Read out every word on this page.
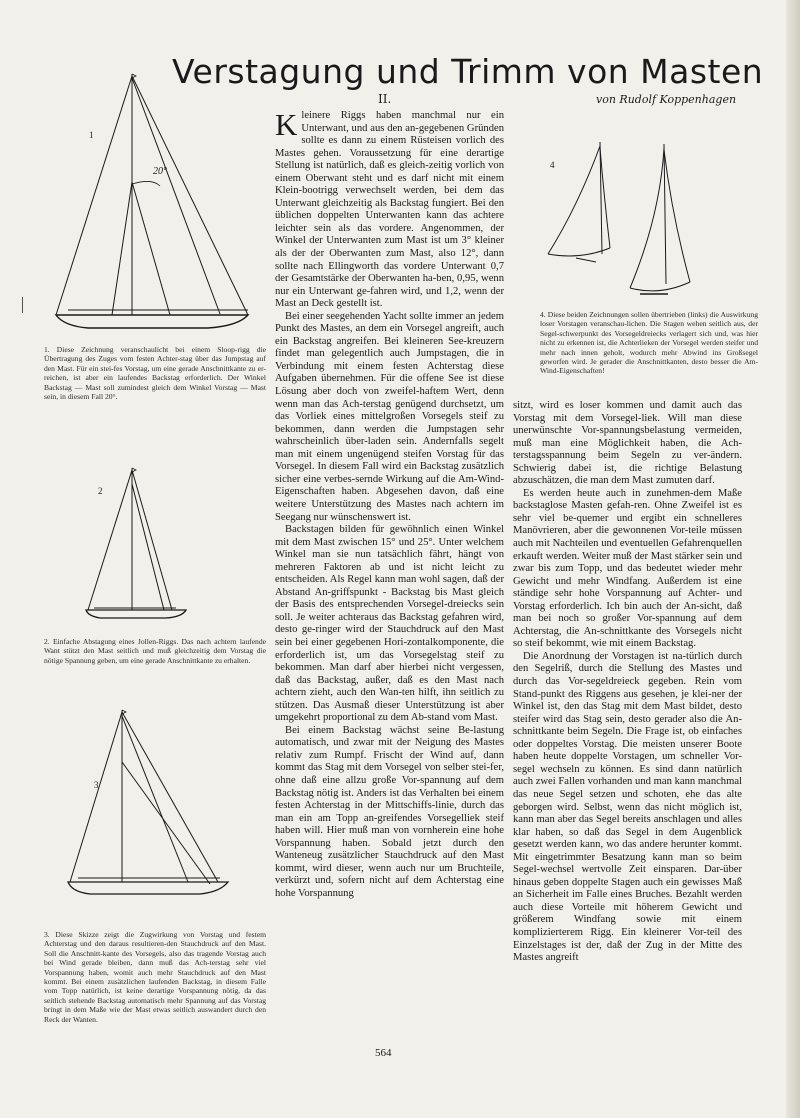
Verstagung und Trimm von Masten
II.	von Rudolf Koppenhagen
1
20°

1. Diese Zeichnung veranschaulicht bei einem Sloop-rigg die Übertragung des Zuges vom festen Achter-stag über das Jumpstag auf den Mast. Für ein stei-fes Vorstag, um eine gerade Anschnittkante zu er-reichen, ist aber ein laufendes Backstag erforderlich. Der Winkel Backstag — Mast soll zumindest gleich dem Winkel Vorstag — Mast sein, in diesem Fall 20°.

2

2. Einfache Abstagung eines Jollen-Riggs. Das nach achtern laufende Want stützt den Mast seitlich und muß gleichzeitig dem Vorstag die nötige Spannung geben, um eine gerade Anschnittkante zu erhalten.

3

3. Diese Skizze zeigt die Zugwirkung von Vorstag und festem Achterstag und den daraus resultieren-den Stauchdruck auf den Mast. Soll die Anschnitt-kante des Vorsegels, also das tragende Vorstag auch bei Wind gerade bleiben, dann muß das Ach-terstag sehr viel Vorspannung haben, womit auch mehr Stauchdruck auf den Mast kommt. Bei einem zusätzlichen laufenden Backstag, in diesem Falle vom Topp natürlich, ist keine derartige Vorspannung nötig, da das seitlich stehende Backstag automatisch mehr Spannung auf das Vorstag bringt in dem Maße wie der Mast etwas seitlich auswandert durch den Reck der Wanten.

4

4. Diese beiden Zeichnungen sollen übertrieben (links) die Auswirkung loser Vorstagen veranschau-lichen. Die Stagen wehen seitlich aus, der Segel-schwerpunkt des Vorsegeldreiecks verlagert sich und, was hier nicht zu erkennen ist, die Achterlieken der Vorsegel werden steifer und mehr nach innen geholt, wodurch mehr Abwind ins Großsegel geworfen wird. Je gerader die Anschnittkanten, desto besser die Am-Wind-Eigenschaften!

Kleinere Riggs haben manchmal nur ein Unterwant, und aus den an-gegebenen Gründen sollte es dann zu einem Rüsteisen vorlich des Mastes gehen. Voraussetzung für eine derartige Stellung ist natürlich, daß es gleich-zeitig vorlich von einem Oberwant steht und es darf nicht mit einem Klein-bootrigg verwechselt werden, bei dem das Unterwant gleichzeitig als Backstag fungiert. Bei den üblichen doppelten Unterwanten kann das achtere leichter sein als das vordere. Angenommen, der Winkel der Unterwanten zum Mast ist um 3° kleiner als der der Oberwanten zum Mast, also 12°, dann sollte nach Ellingworth das vordere Unterwant 0,7 der Gesamtstärke der Oberwanten ha-ben, 0,95, wenn nur ein Unterwant ge-fahren wird, und 1,2, wenn der Mast an Deck gestellt ist.

Bei einer seegehenden Yacht sollte immer an jedem Punkt des Mastes, an dem ein Vorsegel angreift, auch ein Backstag angreifen. Bei kleineren See-kreuzern findet man gelegentlich auch Jumpstagen, die in Verbindung mit einem festen Achterstag diese Aufgaben übernehmen. Für die offene See ist diese Lösung aber doch von zweifel-haftem Wert, denn wenn man das Ach-terstag genügend durchsetzt, um das Vorliek eines mittelgroßen Vorsegels steif zu bekommen, dann werden die Jumpstagen sehr wahrscheinlich über-laden sein. Andernfalls segelt man mit einem ungenügend steifen Vorstag für das Vorsegel. In diesem Fall wird ein Backstag zusätzlich sicher eine verbes-sernde Wirkung auf die Am-Wind-Eigenschaften haben. Abgesehen davon, daß eine weitere Unterstützung des Mastes nach achtern im Seegang nur wünschenswert ist.

Backstagen bilden für gewöhnlich einen Winkel mit dem Mast zwischen 15° und 25°. Unter welchem Winkel man sie nun tatsächlich fährt, hängt von mehreren Faktoren ab und ist nicht leicht zu entscheiden. Als Regel kann man wohl sagen, daß der Abstand An-griffspunkt - Backstag bis Mast gleich der Basis des entsprechenden Vorsegel-dreiecks sein soll. Je weiter achteraus das Backstag gefahren wird, desto ge-ringer wird der Stauchdruck auf den Mast sein bei einer gegebenen Hori-zontalkomponente, die erforderlich ist, um das Vorsegelstag steif zu bekommen. Man darf aber hierbei nicht vergessen, daß das Backstag, außer, daß es den Mast nach achtern zieht, auch den Wan-ten hilft, ihn seitlich zu stützen. Das Ausmaß dieser Unterstützung ist aber umgekehrt proportional zu dem Ab-stand vom Mast.

Bei einem Backstag wächst seine Be-lastung automatisch, und zwar mit der Neigung des Mastes relativ zum Rumpf. Frischt der Wind auf, dann kommt das Stag mit dem Vorsegel von selber stei-fer, ohne daß eine allzu große Vor-spannung auf dem Backstag nötig ist. Anders ist das Verhalten bei einem festen Achterstag in der Mittschiffs-linie, durch das man ein am Topp an-greifendes Vorsegelliek steif haben will. Hier muß man von vornherein eine hohe Vorspannung haben. Sobald jetzt durch den Wanteneug zusätzlicher Stauchdruck auf den Mast kommt, wird dieser, wenn auch nur um Bruchteile, verkürzt und, sofern nicht auf dem Achterstag eine hohe Vorspannung

sitzt, wird es loser kommen und damit auch das Vorstag mit dem Vorsegel-liek. Will man diese unerwünschte Vor-spannungsbelastung vermeiden, muß man eine Möglichkeit haben, die Ach-terstagsspannung beim Segeln zu ver-ändern. Schwierig dabei ist, die richtige Belastung abzuschätzen, die man dem Mast zumuten darf.

Es werden heute auch in zunehmen-dem Maße backstaglose Masten gefah-ren. Ohne Zweifel ist es sehr viel be-quemer und ergibt ein schnelleres Manövrieren, aber die gewonnenen Vor-teile müssen auch mit Nachteilen und eventuellen Gefahrenquellen erkauft werden. Weiter muß der Mast stärker sein und zwar bis zum Topp, und das bedeutet wieder mehr Gewicht und mehr Windfang. Außerdem ist eine ständige sehr hohe Vorspannung auf Achter- und Vorstag erforderlich. Ich bin auch der An-sicht, daß man bei noch so großer Vor-spannung auf dem Achterstag, die An-schnittkante des Vorsegels nicht so steif bekommt, wie mit einem Backstag.

Die Anordnung der Vorstagen ist na-türlich durch den Segelriß, durch die Stellung des Mastes und durch das Vor-segeldreieck gegeben. Rein vom Stand-punkt des Riggens aus gesehen, je klei-ner der Winkel ist, den das Stag mit dem Mast bildet, desto steifer wird das Stag sein, desto gerader also die An-schnittkante beim Segeln. Die Frage ist, ob einfaches oder doppeltes Vorstag. Die meisten unserer Boote haben heute doppelte Vorstagen, um schneller Vor-segel wechseln zu können. Es sind dann natürlich auch zwei Fallen vorhanden und man kann manchmal das neue Segel setzen und schoten, ehe das alte geborgen wird. Selbst, wenn das nicht möglich ist, kann man aber das Segel bereits anschlagen und alles klar haben, so daß das Segel in dem Augenblick gesetzt werden kann, wo das andere herunter kommt. Mit eingetrimmter Besatzung kann man so beim Segel-wechsel wertvolle Zeit einsparen. Dar-über hinaus geben doppelte Stagen auch ein gewisses Maß an Sicherheit im Falle eines Bruches. Bezahlt werden auch diese Vorteile mit höherem Gewicht und größerem Windfang sowie mit einem komplizierterem Rigg. Ein kleinerer Vor-teil des Einzelstages ist der, daß der Zug in der Mitte des Mastes angreift

564
